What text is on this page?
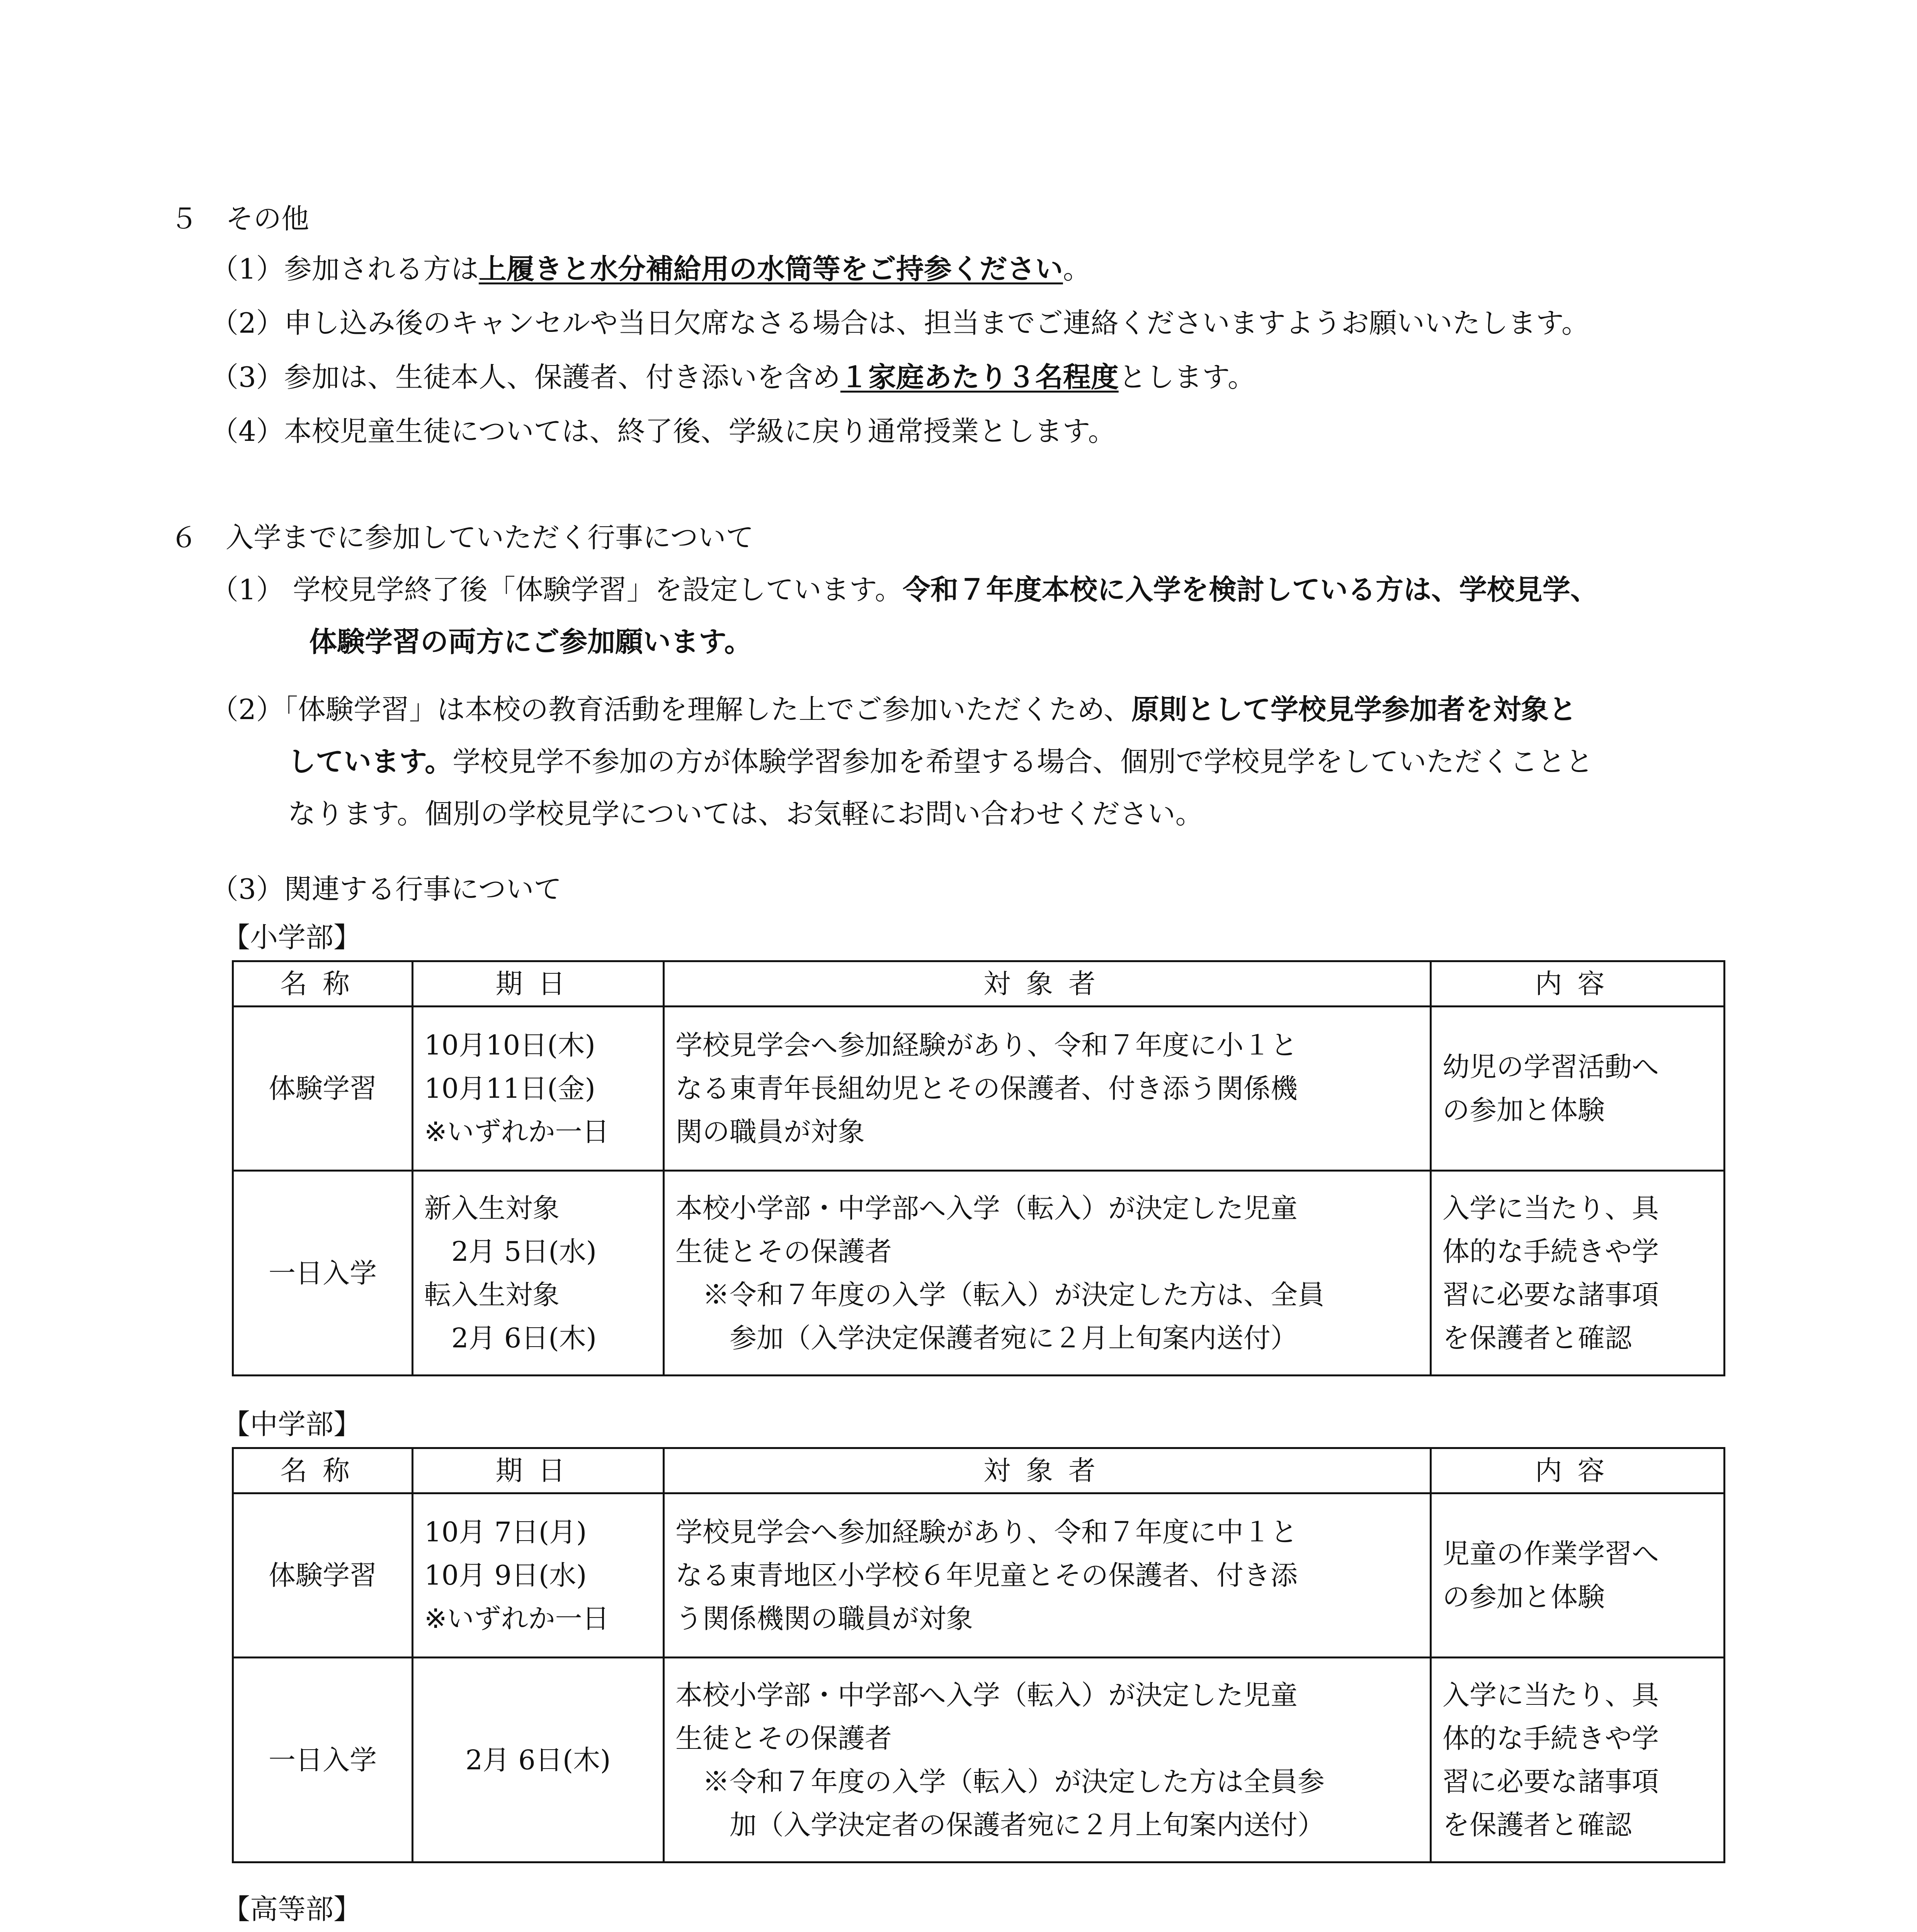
５　その他
（1）参加される方は上履きと水分補給用の水筒等をご持参ください。
（2）申し込み後のキャンセルや当日欠席なさる場合は、担当までご連絡くださいますようお願いいたします。
（3）参加は、生徒本人、保護者、付き添いを含め１家庭あたり３名程度とします。
（4）本校児童生徒については、終了後、学級に戻り通常授業とします。
６　入学までに参加していただく行事について
（1） 学校見学終了後「体験学習」を設定しています。令和７年度本校に入学を検討している方は、学校見学、
体験学習の両方にご参加願います。
（2）「体験学習」は本校の教育活動を理解した上でご参加いただくため、原則として学校見学参加者を対象と
しています。学校見学不参加の方が体験学習参加を希望する場合、個別で学校見学をしていただくことと
なります。個別の学校見学については、お気軽にお問い合わせください。
（3）関連する行事について
【小学部】
名称	期日	対象者	内容
体験学習	10月10日(木)
10月11日(金)
※いずれか一日	学校見学会へ参加経験があり、令和７年度に小１と
なる東青年長組幼児とその保護者、付き添う関係機
関の職員が対象	幼児の学習活動へ
の参加と体験
一日入学	新入生対象
　2月 5日(水)
転入生対象
　2月 6日(木)	本校小学部・中学部へ入学（転入）が決定した児童
生徒とその保護者
　※令和７年度の入学（転入）が決定した方は、全員
　　参加（入学決定保護者宛に２月上旬案内送付）	入学に当たり、具
体的な手続きや学
習に必要な諸事項
を保護者と確認
【中学部】
名称	期日	対象者	内容
体験学習	10月 7日(月)
10月 9日(水)
※いずれか一日	学校見学会へ参加経験があり、令和７年度に中１と
なる東青地区小学校６年児童とその保護者、付き添
う関係機関の職員が対象	児童の作業学習へ
の参加と体験
一日入学	2月 6日(木)	本校小学部・中学部へ入学（転入）が決定した児童
生徒とその保護者
　※令和７年度の入学（転入）が決定した方は全員参
　　加（入学決定者の保護者宛に２月上旬案内送付）	入学に当たり、具
体的な手続きや学
習に必要な諸事項
を保護者と確認
【高等部】
